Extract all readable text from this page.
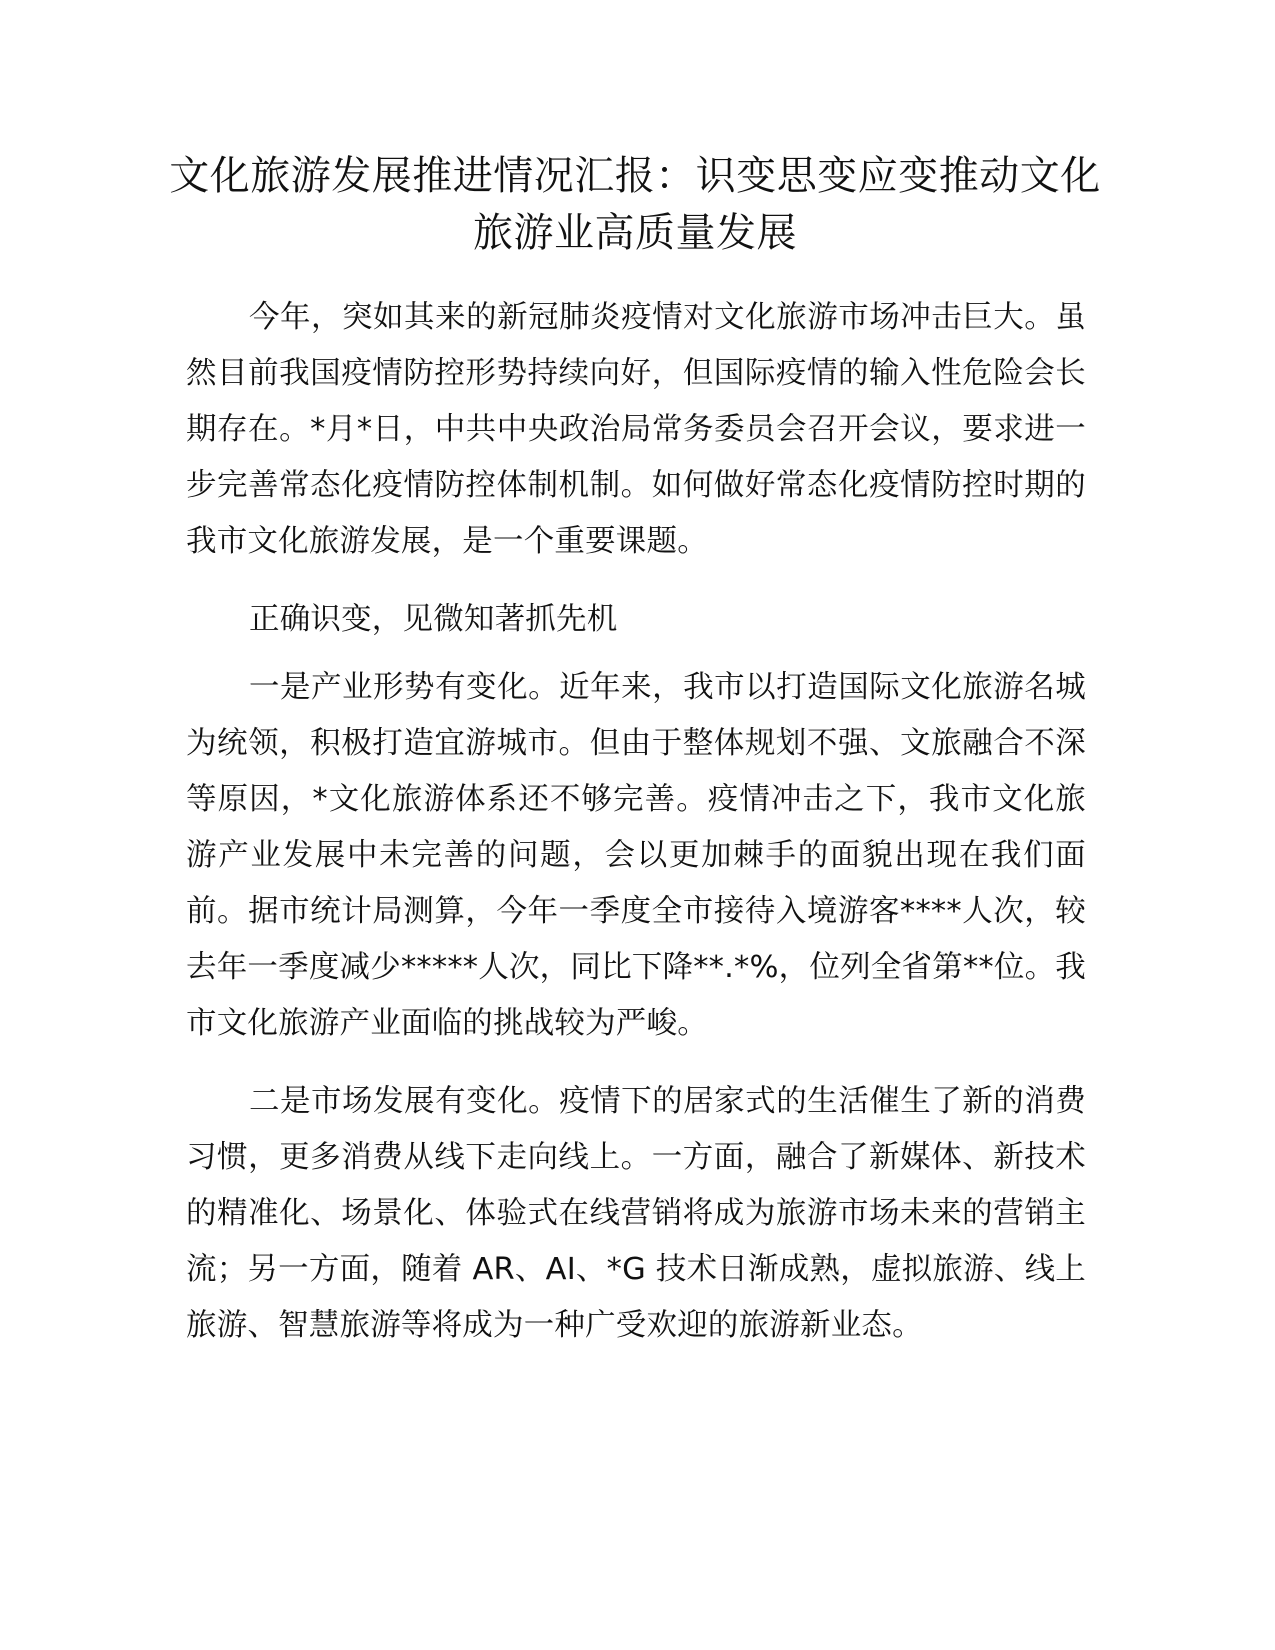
文化旅游发展推进情况汇报：识变思变应变推动文化旅游业高质量发展

今年，突如其来的新冠肺炎疫情对文化旅游市场冲击巨大。虽然目前我国疫情防控形势持续向好，但国际疫情的输入性危险会长期存在。*月*日，中共中央政治局常务委员会召开会议，要求进一步完善常态化疫情防控体制机制。如何做好常态化疫情防控时期的我市文化旅游发展，是一个重要课题。

正确识变，见微知著抓先机

一是产业形势有变化。近年来，我市以打造国际文化旅游名城为统领，积极打造宜游城市。但由于整体规划不强、文旅融合不深等原因，*文化旅游体系还不够完善。疫情冲击之下，我市文化旅游产业发展中未完善的问题，会以更加棘手的面貌出现在我们面前。据市统计局测算，今年一季度全市接待入境游客****人次，较去年一季度减少*****人次，同比下降**.*%，位列全省第**位。我市文化旅游产业面临的挑战较为严峻。

二是市场发展有变化。疫情下的居家式的生活催生了新的消费习惯，更多消费从线下走向线上。一方面，融合了新媒体、新技术的精准化、场景化、体验式在线营销将成为旅游市场未来的营销主流；另一方面，随着 AR、AI、*G 技术日渐成熟，虚拟旅游、线上旅游、智慧旅游等将成为一种广受欢迎的旅游新业态。
